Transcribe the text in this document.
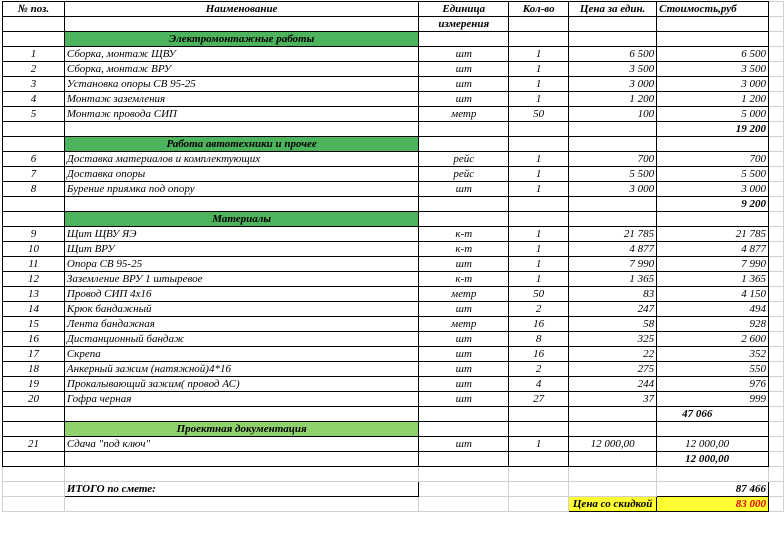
№ поз.	Наименование	Единица	Кол-во	Цена за един.	Стоимость,руб	
		измерения				
	Электромонтажные работы					
1	Сборка, монтаж ЩВУ	шт	1	6 500	6 500	
2	Сборка, монтаж ВРУ	шт	1	3 500	3 500	
3	Установка опоры СВ 95-25	шт	1	3 000	3 000	
4	Монтаж заземления	шт	1	1 200	1 200	
5	Монтаж провода СИП	метр	50	100	5 000	
					19 200	
	Работа автотехники и прочее					
6	Доставка материалов и комплектующих	рейс	1	700	700	
7	Доставка опоры	рейс	1	5 500	5 500	
8	Бурение приямка под опору	шт	1	3 000	3 000	
					9 200	
	Материалы					
9	Щит ЩВУ ЯЭ	к-т	1	21 785	21 785	
10	Щит ВРУ	к-т	1	4 877	4 877	
11	Опора СВ 95-25	шт	1	7 990	7 990	
12	Заземление ВРУ 1 штыревое	к-т	1	1 365	1 365	
13	Провод СИП 4х16	метр	50	83	4 150	
14	Крюк бандажный	шт	2	247	494	
15	Лента бандажная	метр	16	58	928	
16	Дистанционный бандаж	шт	8	325	2 600	
17	Скрепа	шт	16	22	352	
18	Анкерный зажим (натяжной)4*16	шт	2	275	550	
19	Прокалывающий зажим( провод АС)	шт	4	244	976	
20	Гофра черная	шт	27	37	999	
					47 066	
	Проектная документация					
21	Сдача "под ключ"	шт	1	12 000,00	12 000,00	
					12 000,00	

	ИТОГО по смете:				87 466	
				Цена со скидкой	83 000	
